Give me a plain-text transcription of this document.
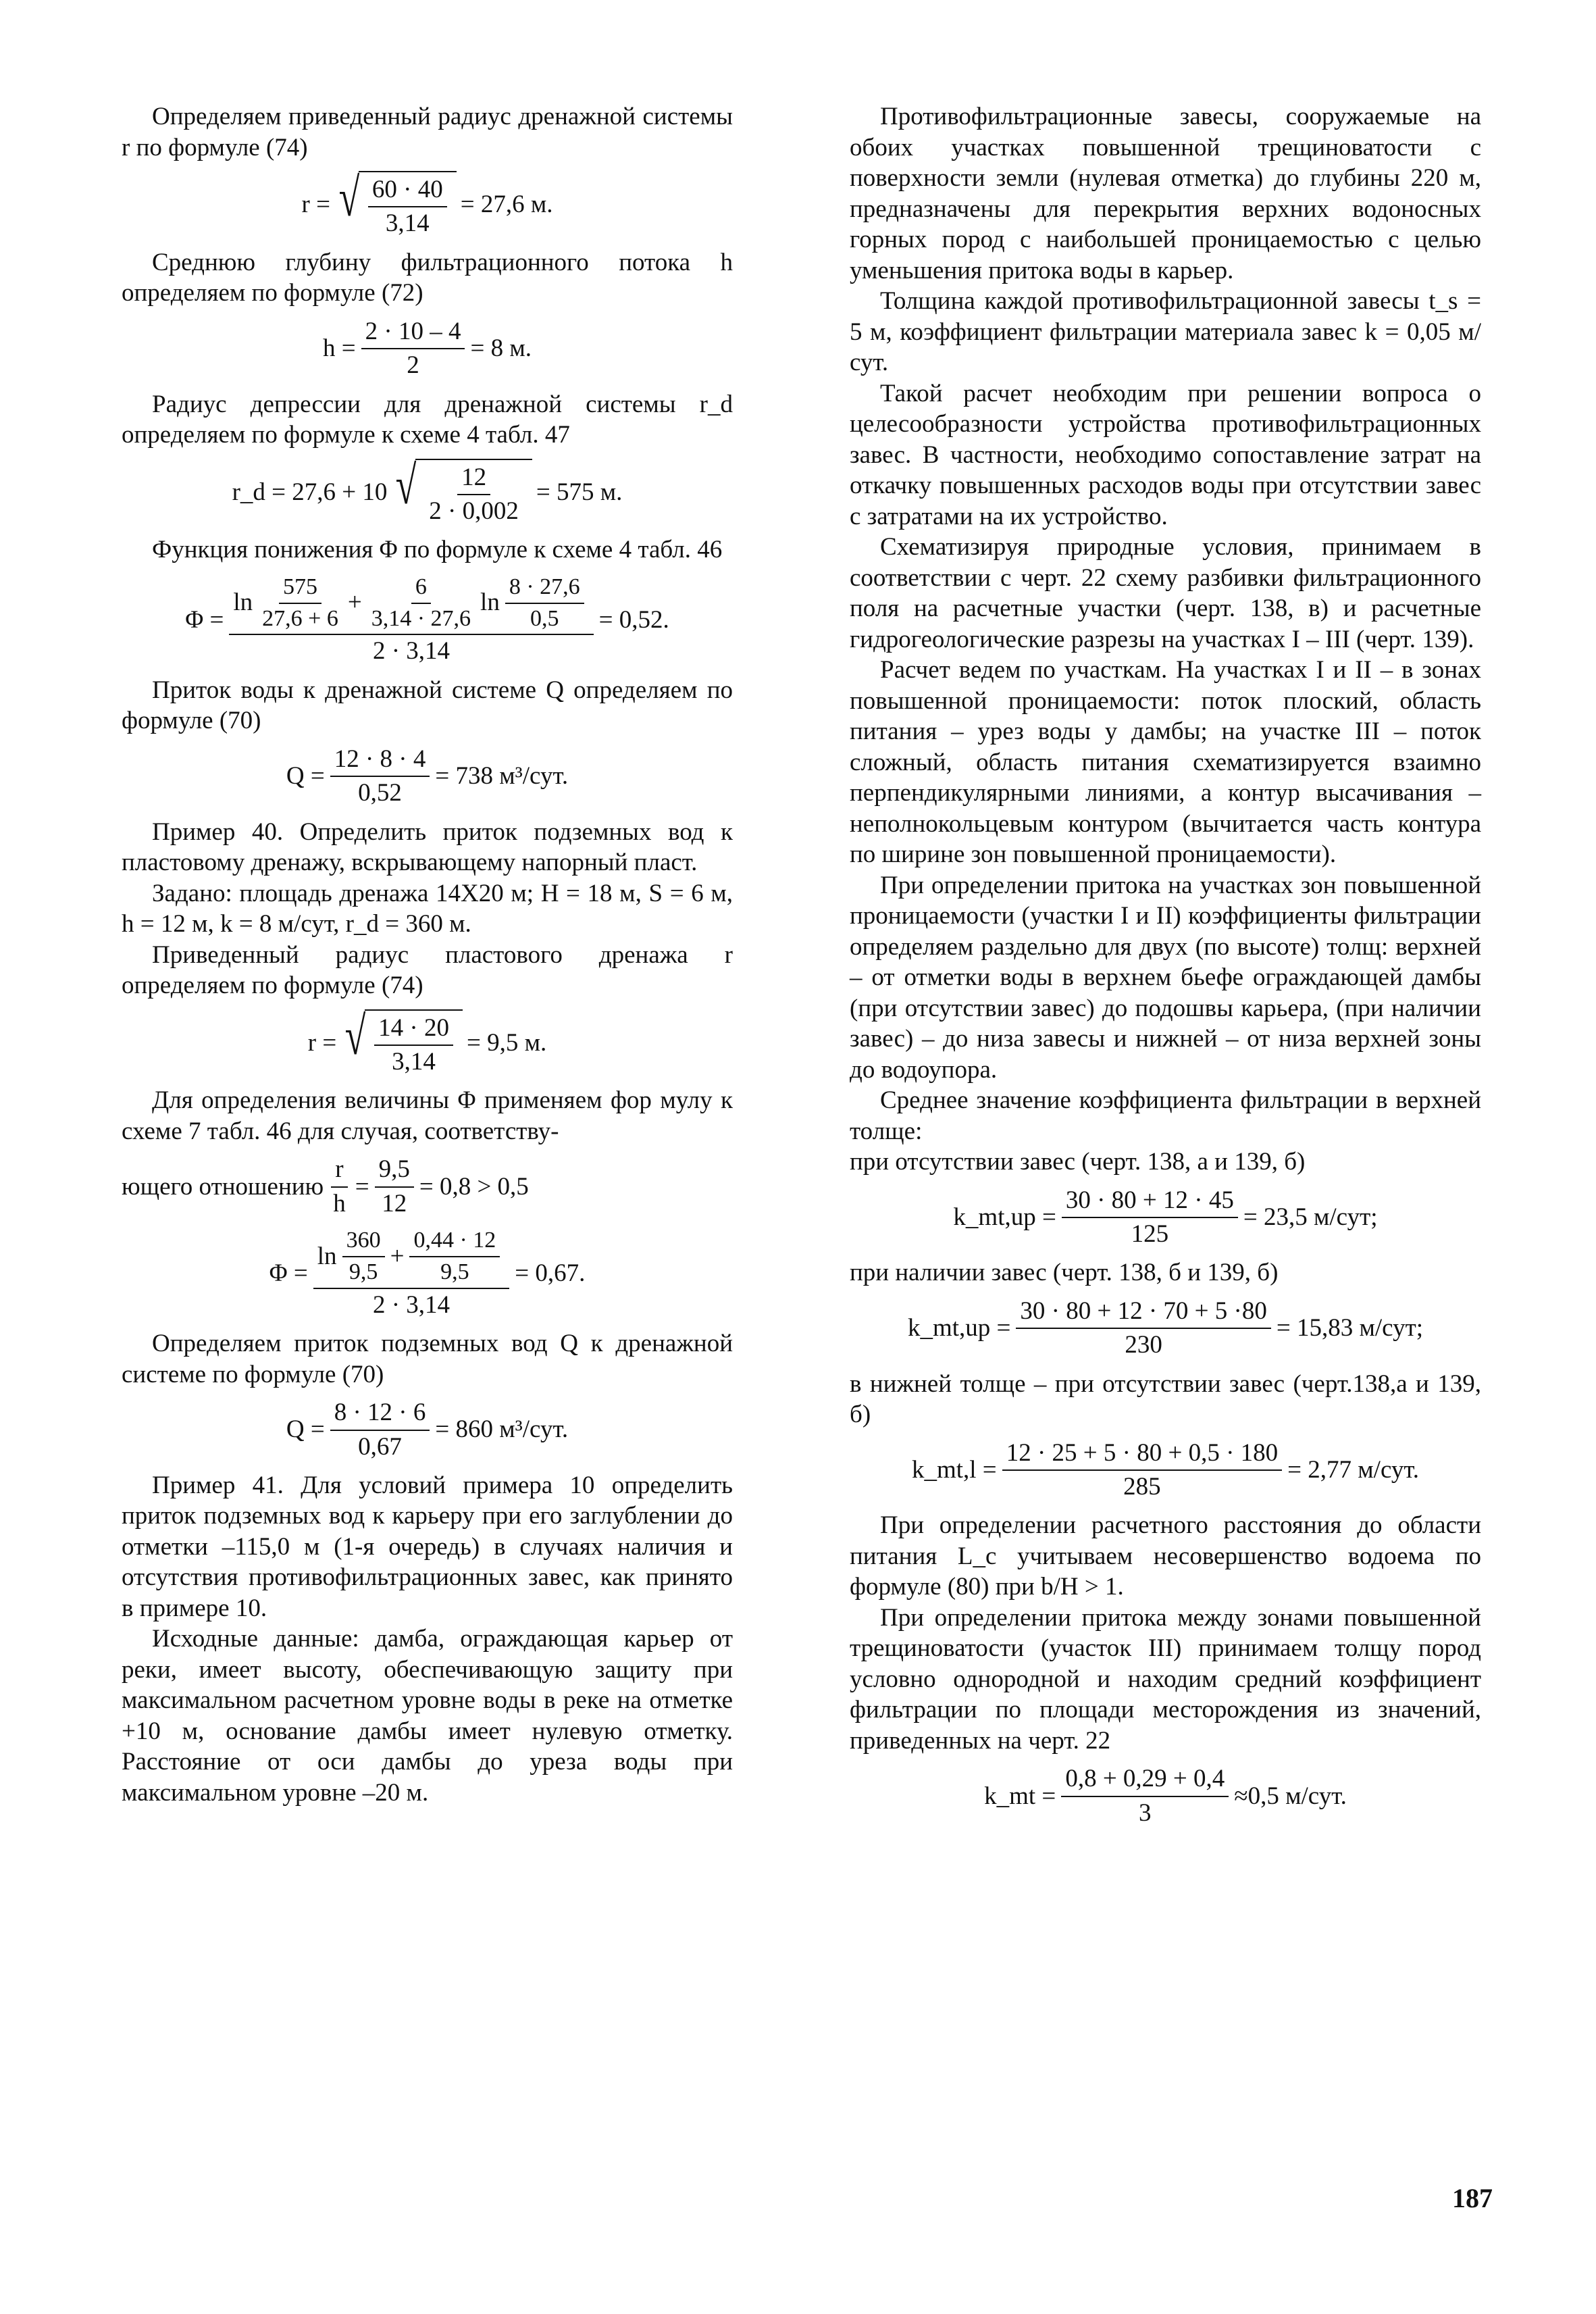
Определяем приведенный радиус дренажной системы r по формуле (74)

r = √ 60 · 40
3,14
= 27,6 м.

Среднюю глубину фильтрационного потока h определяем по формуле (72)

$h = \frac{2 \cdot 10 - 4}{2} = 8$ м.

Радиус депрессии для дренажной системы r_d определяем по формуле к схеме 4 табл. 47

r_d = 27,6 + 10 √ 12
2 · 0,002
= 575 м.

Функция понижения Φ по формуле к схеме 4 табл. 46

Φ =
ln
575
27,6 + 6
+ $\frac{6}{3,14 \cdot 27,6}$ ln
8 · 27,6
0,5
2 · 3,14
= 0,52.

Приток воды к дренажной системе Q определяем по формуле (70)

$Q = \frac{12 \cdot 8 \cdot 4}{0,52} = 738$ м³/сут.

Пример 40. Определить приток подземных вод к пластовому дренажу, вскрывающему напорный пласт.

Задано: площадь дренажа 14X20 м; H = 18 м, S = 6 м, h = 12 м, k = 8 м/сут, r_d = 360 м.

Приведенный радиус пластового дренажа r определяем по формуле (74)

r = √ 14 · 20
3,14
= 9,5 м.

Для определения величины Φ применяем фор мулу к схеме 7 табл. 46 для случая, соответству-

ющего отношению $\frac{r}{h} = \frac{9,5}{12} = 0,8 > 0,5$
Φ = ln
360
9,5
+ $\frac{0,44 \cdot 12}{9,5}$
2 · 3,14 = 0,67.

Определяем приток подземных вод Q к дренажной системе по формуле (70)

$Q = \frac{8 \cdot 12 \cdot 6}{0,67} = 860$ м³/сут.

Пример 41. Для условий примера 10 определить приток подземных вод к карьеру при его заглублении до отметки –115,0 м (1-я очередь) в случаях наличия и отсутствия противофильтрационных завес, как принято в примере 10.

Исходные данные: дамба, ограждающая карьер от реки, имеет высоту, обеспечивающую защиту при максимальном расчетном уровне воды в реке на отметке +10 м, основание дамбы имеет нулевую отметку. Расстояние от оси дамбы до уреза воды при максимальном уровне –20 м.

Противофильтрационные завесы, сооружаемые на обоих участках повышенной трещиноватости с поверхности земли (нулевая отметка) до глубины 220 м, предназначены для перекрытия верхних водоносных горных пород с наибольшей проницаемостью с целью уменьшения притока воды в карьер.

Толщина каждой противофильтрационной завесы t_s = 5 м, коэффициент фильтрации материала завес k = 0,05 м/сут.

Такой расчет необходим при решении вопроса о целесообразности устройства противофильтрационных завес. В частности, необходимо сопоставление затрат на откачку повышенных расходов воды при отсутствии завес с затратами на их устройство.

Схематизируя природные условия, принимаем в соответствии с черт. 22 схему разбивки фильтрационного поля на расчетные участки (черт. 138, в) и расчетные гидрогеологические разрезы на участках I – III (черт. 139).

Расчет ведем по участкам. На участках I и II – в зонах повышенной проницаемости: поток плоский, область питания – урез воды у дамбы; на участке III – поток сложный, область питания схематизируется взаимно перпендикулярными линиями, а контур высачивания – неполнокольцевым контуром (вычитается часть контура по ширине зон повышенной проницаемости).

При определении притока на участках зон повышенной проницаемости (участки I и II) коэффициенты фильтрации определяем раздельно для двух (по высоте) толщ: верхней – от отметки воды в верхнем бьефе ограждающей дамбы (при отсутствии завес) до подошвы карьера, (при наличии завес) – до низа завесы и нижней – от низа верхней зоны до водоупора.

Среднее значение коэффициента фильтрации в верхней толще:

при отсутствии завес (черт. 138, а и 139, б)

k_mt,up = $\frac{30 \cdot 80 + 12 \cdot 45}{125} = 23,5$ м/сут;

при наличии завес (черт. 138, б и 139, б)

k_mt,up = $\frac{30 \cdot 80 + 12 \cdot 70 + 5 \cdot 80}{230} = 15,83$ м/сут;

в нижней толще – при отсутствии завес (черт.138,а и 139, б)

k_mt,l = $\frac{12 \cdot 25 + 5 \cdot 80 + 0,5 \cdot 180}{285} = 2,77$ м/сут.

При определении расчетного расстояния до области питания L_c учитываем несовершенство водоема по формуле (80) при b/H > 1.

При определении притока между зонами повышенной трещиноватости (участок III) принимаем толщу пород условно однородной и находим средний коэффициент фильтрации по площади месторождения из значений, приведенных на черт. 22

k_mt = $\frac{0,8 + 0,29 + 0,4}{3} \approx 0,5$ м/сут.
187
